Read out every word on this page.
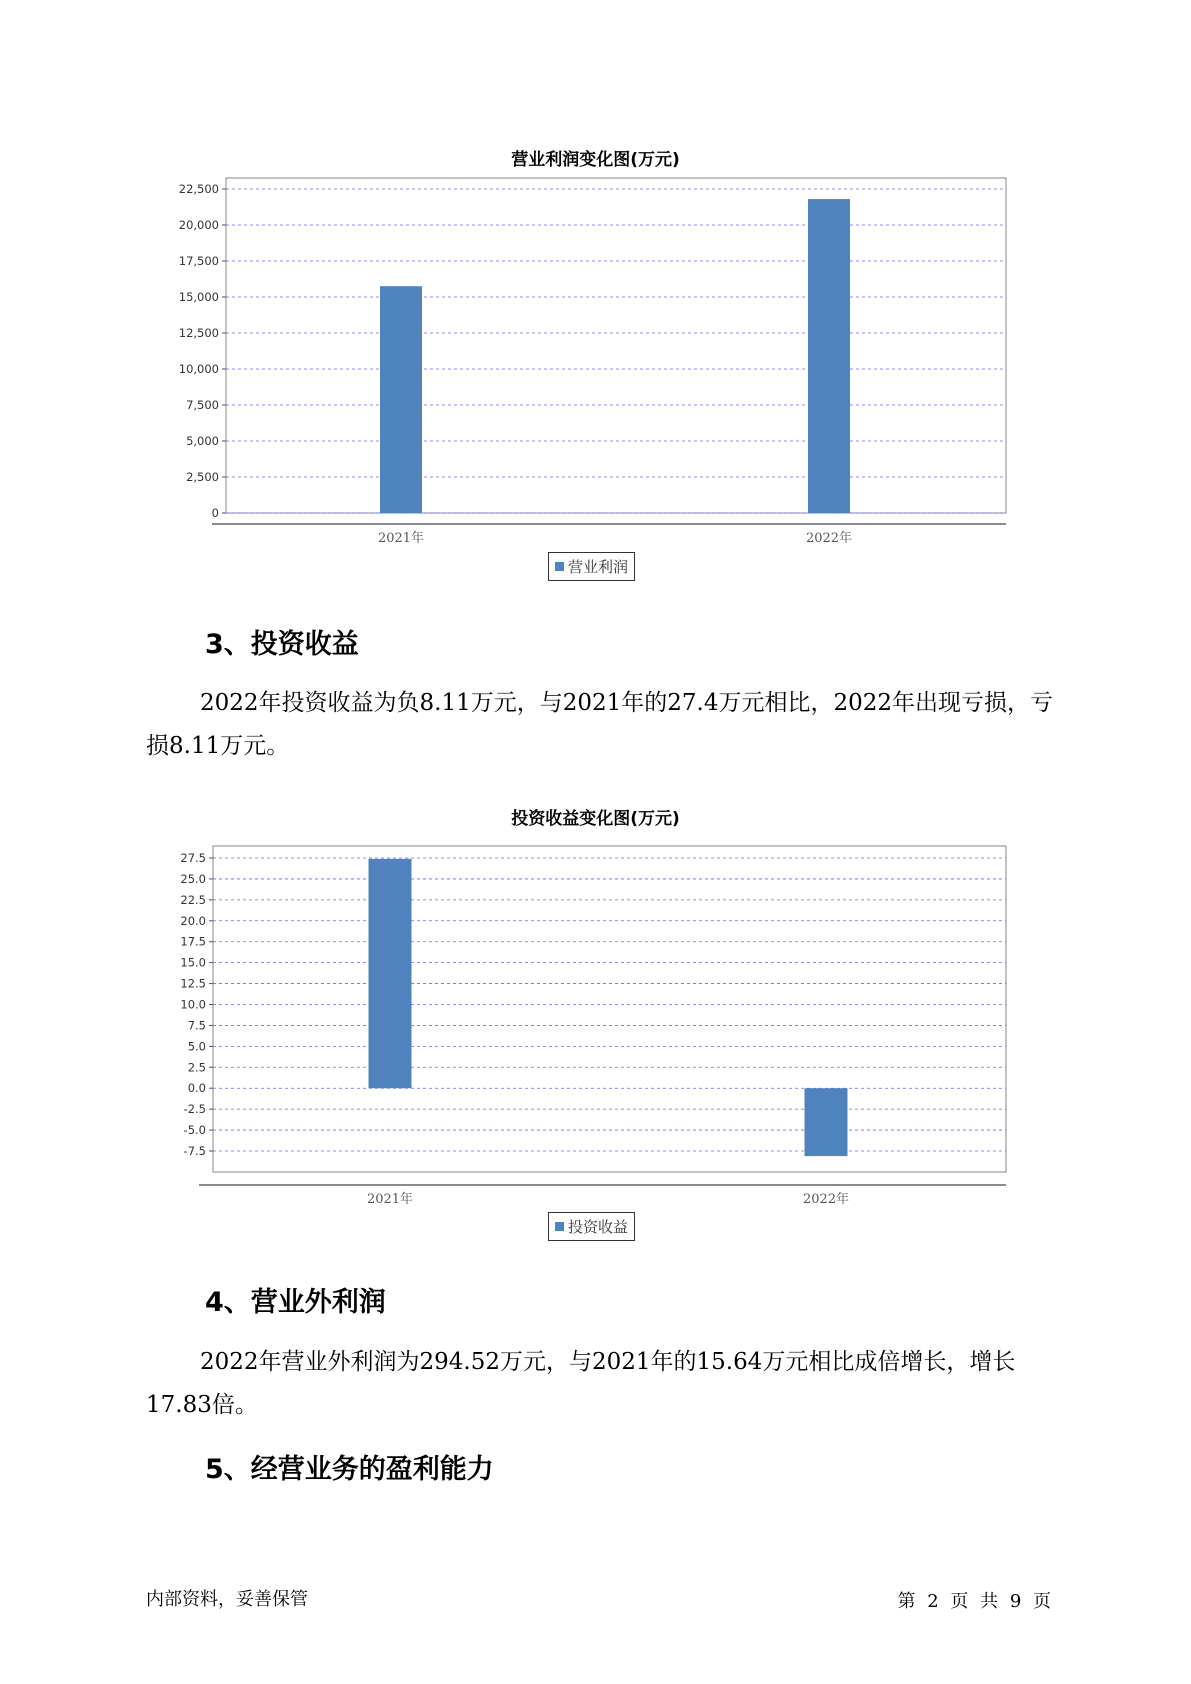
营业利润变化图(万元)
0
2,500
5,000
7,500
10,000
12,500
15,000
17,500
20,000
22,500
2021年	2022年
营业利润
3、投资收益

2022年投资收益为负8.11万元，与2021年的27.4万元相比，2022年出现亏损，亏损8.11万元。

投资收益变化图(万元)
-7.5
-5.0
-2.5
0.0
2.5
5.0
7.5
10.0
12.5
15.0
17.5
20.0
22.5
25.0
27.5
2021年	2022年
投资收益
4、营业外利润

2022年营业外利润为294.52万元，与2021年的15.64万元相比成倍增长，增长17.83倍。

5、经营业务的盈利能力
内部资料，妥善保管	第 2 页 共 9 页
